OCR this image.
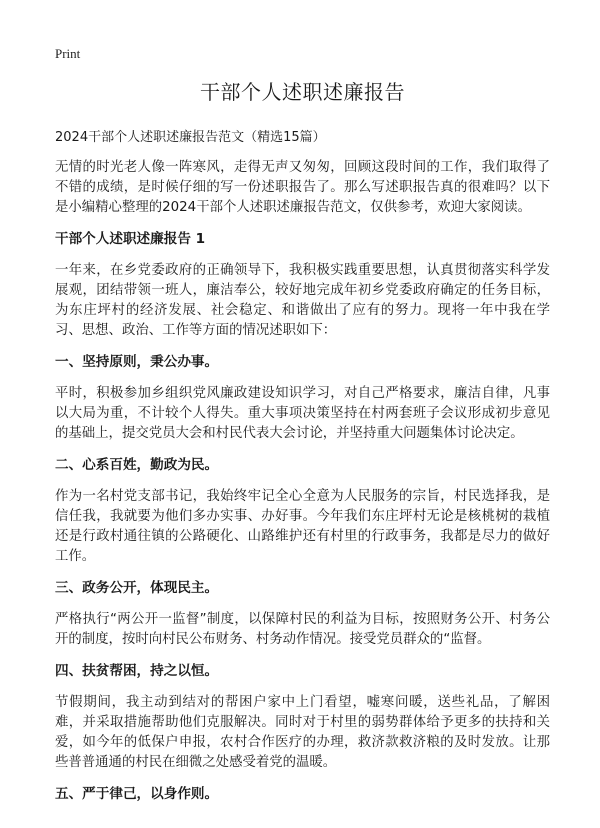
Print
干部个人述职述廉报告

2024干部个人述职述廉报告范文（精选15篇）

无情的时光老人像一阵寒风，走得无声又匆匆，回顾这段时间的工作，我们取得了不错的成绩，是时候仔细的写一份述职报告了。那么写述职报告真的很难吗？以下是小编精心整理的2024干部个人述职述廉报告范文，仅供参考，欢迎大家阅读。

干部个人述职述廉报告 1

一年来，在乡党委政府的正确领导下，我积极实践重要思想，认真贯彻落实科学发展观，团结带领一班人，廉洁奉公，较好地完成年初乡党委政府确定的任务目标，为东庄坪村的经济发展、社会稳定、和谐做出了应有的努力。现将一年中我在学习、思想、政治、工作等方面的情况述职如下：

一、坚持原则，秉公办事。

平时，积极参加乡组织党风廉政建设知识学习，对自己严格要求，廉洁自律，凡事以大局为重，不计较个人得失。重大事项决策坚持在村两套班子会议形成初步意见的基础上，提交党员大会和村民代表大会讨论，并坚持重大问题集体讨论决定。

二、心系百姓，勤政为民。

作为一名村党支部书记，我始终牢记全心全意为人民服务的宗旨，村民选择我，是信任我，我就要为他们多办实事、办好事。今年我们东庄坪村无论是核桃树的栽植还是行政村通往镇的公路硬化、山路维护还有村里的行政事务，我都是尽力的做好工作。

三、政务公开，体现民主。

严格执行“两公开一监督”制度，以保障村民的利益为目标，按照财务公开、村务公开的制度，按时向村民公布财务、村务动作情况。接受党员群众的“监督。

四、扶贫帮困，持之以恒。

节假期间，我主动到结对的帮困户家中上门看望，嘘寒问暖，送些礼品，了解困难，并采取措施帮助他们克服解决。同时对于村里的弱势群体给予更多的扶持和关爱，如今年的低保户申报，农村合作医疗的办理，救济款救济粮的及时发放。让那些普普通通的村民在细微之处感受着党的温暖。

五、严于律己，以身作则。
